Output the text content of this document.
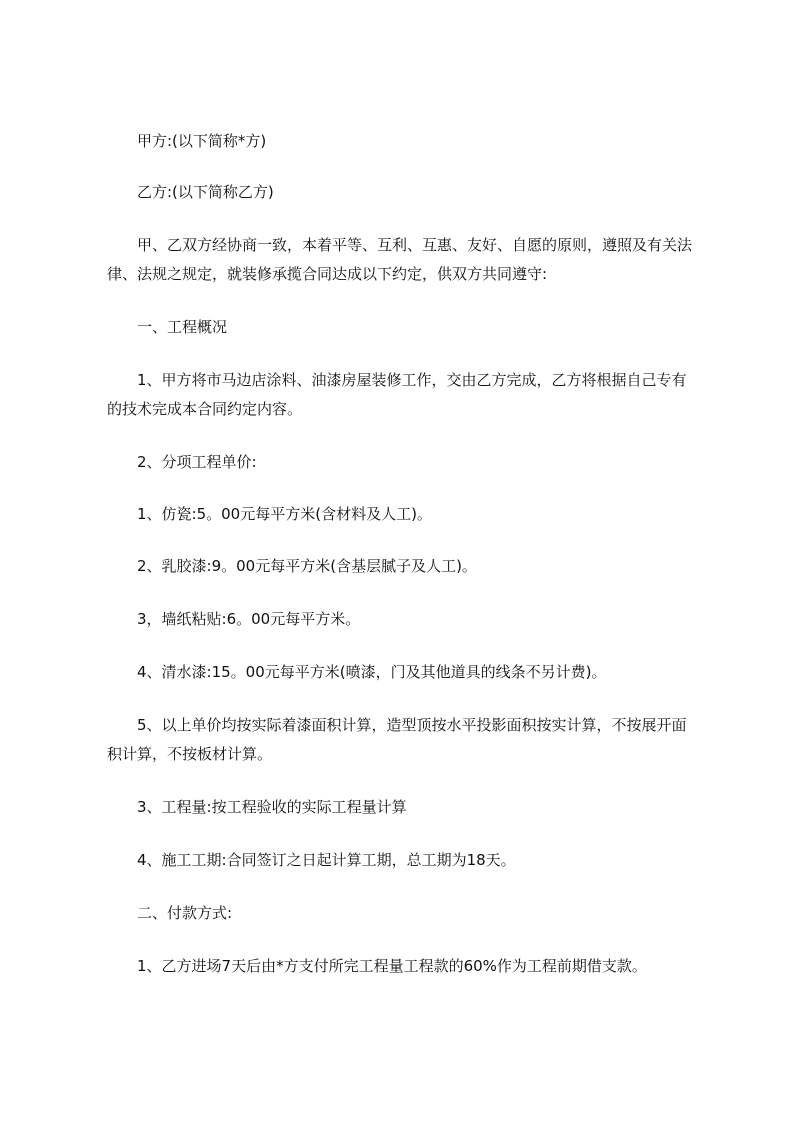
甲方:(以下简称*方)

乙方:(以下简称乙方)

甲、乙双方经协商一致，本着平等、互利、互惠、友好、自愿的原则，遵照及有关法律、法规之规定，就装修承揽合同达成以下约定，供双方共同遵守:

一、工程概况

1、甲方将市马边店涂料、油漆房屋装修工作，交由乙方完成，乙方将根据自己专有的技术完成本合同约定内容。

2、分项工程单价:

1、仿瓷:5。00元每平方米(含材料及人工)。

2、乳胶漆:9。00元每平方米(含基层腻子及人工)。

3，墙纸粘贴:6。00元每平方米。

4、清水漆:15。00元每平方米(喷漆，门及其他道具的线条不另计费)。

5、以上单价均按实际着漆面积计算，造型顶按水平投影面积按实计算，不按展开面积计算，不按板材计算。

3、工程量:按工程验收的实际工程量计算

4、施工工期:合同签订之日起计算工期，总工期为18天。

二、付款方式:

1、乙方进场7天后由*方支付所完工程量工程款的60%作为工程前期借支款。
